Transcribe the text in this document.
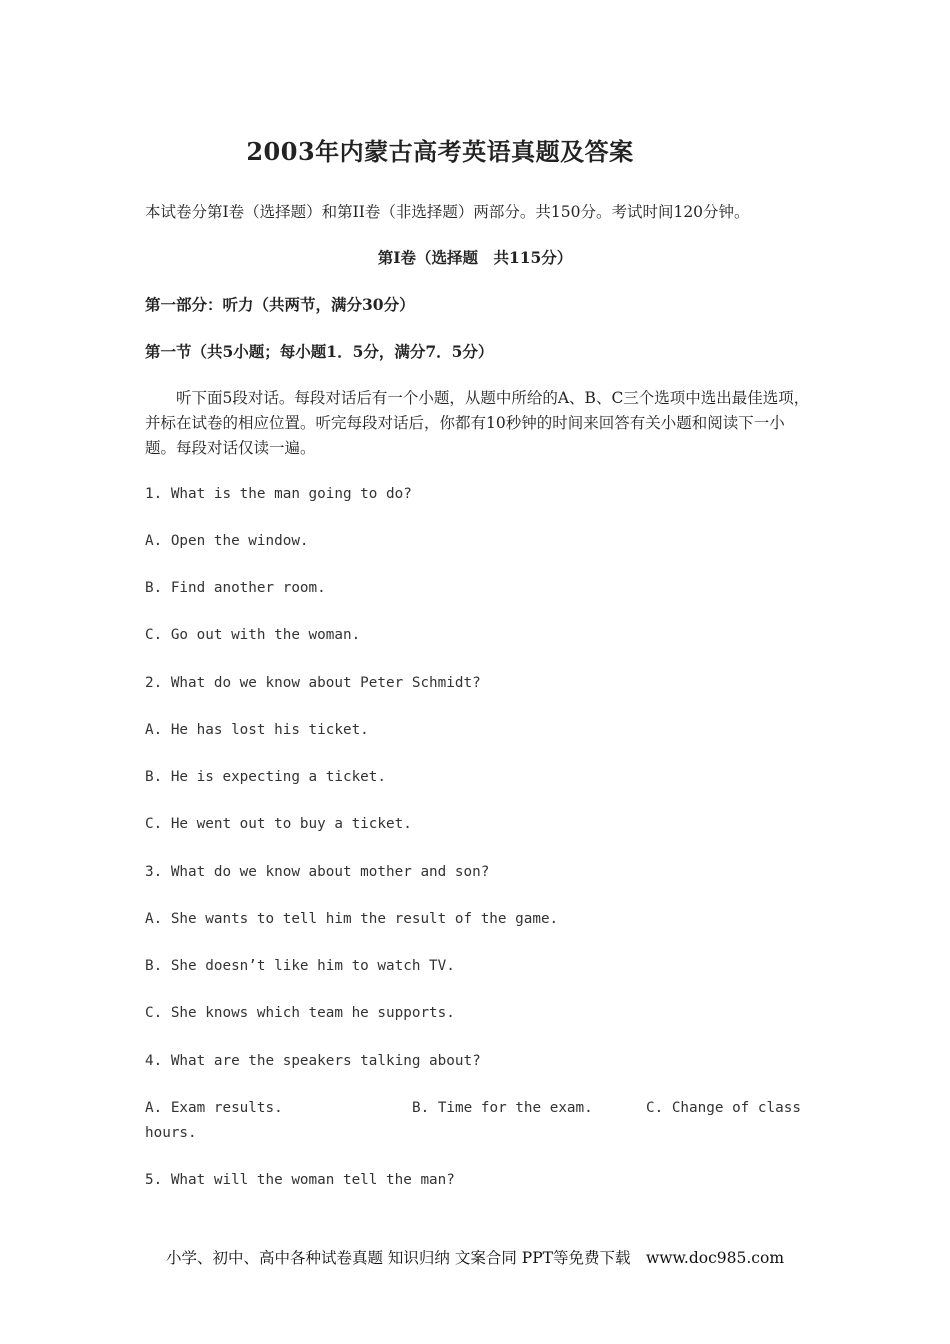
2003年内蒙古高考英语真题及答案
本试卷分第Ⅰ卷（选择题）和第II卷（非选择题）两部分。共150分。考试时间120分钟。
第Ⅰ卷（选择题　共115分）
第一部分：听力（共两节，满分30分）
第一节（共5小题；每小题1．5分，满分7．5分）

听下面5段对话。每段对话后有一个小题，从题中所给的A、B、C三个选项中选出最佳选项，并标在试卷的相应位置。听完每段对话后，你都有10秒钟的时间来回答有关小题和阅读下一小题。每段对话仅读一遍。

1. What is the man going to do?
A. Open the window.
B. Find another room.
C. Go out with the woman.
2. What do we know about Peter Schmidt?
A. He has lost his ticket.
B. He is expecting a ticket.
C. He went out to buy a ticket.
3. What do we know about mother and son?
A. She wants to tell him the result of the game.
B. She doesn’t like him to watch TV.
C. She knows which team he supports.
4. What are the speakers talking about?
A. Exam results.	B. Time for the exam.	C. Change of class
hours.
5. What will the woman tell the man?
小学、初中、高中各种试卷真题 知识归纳 文案合同 PPT等免费下载　www.doc985.com
